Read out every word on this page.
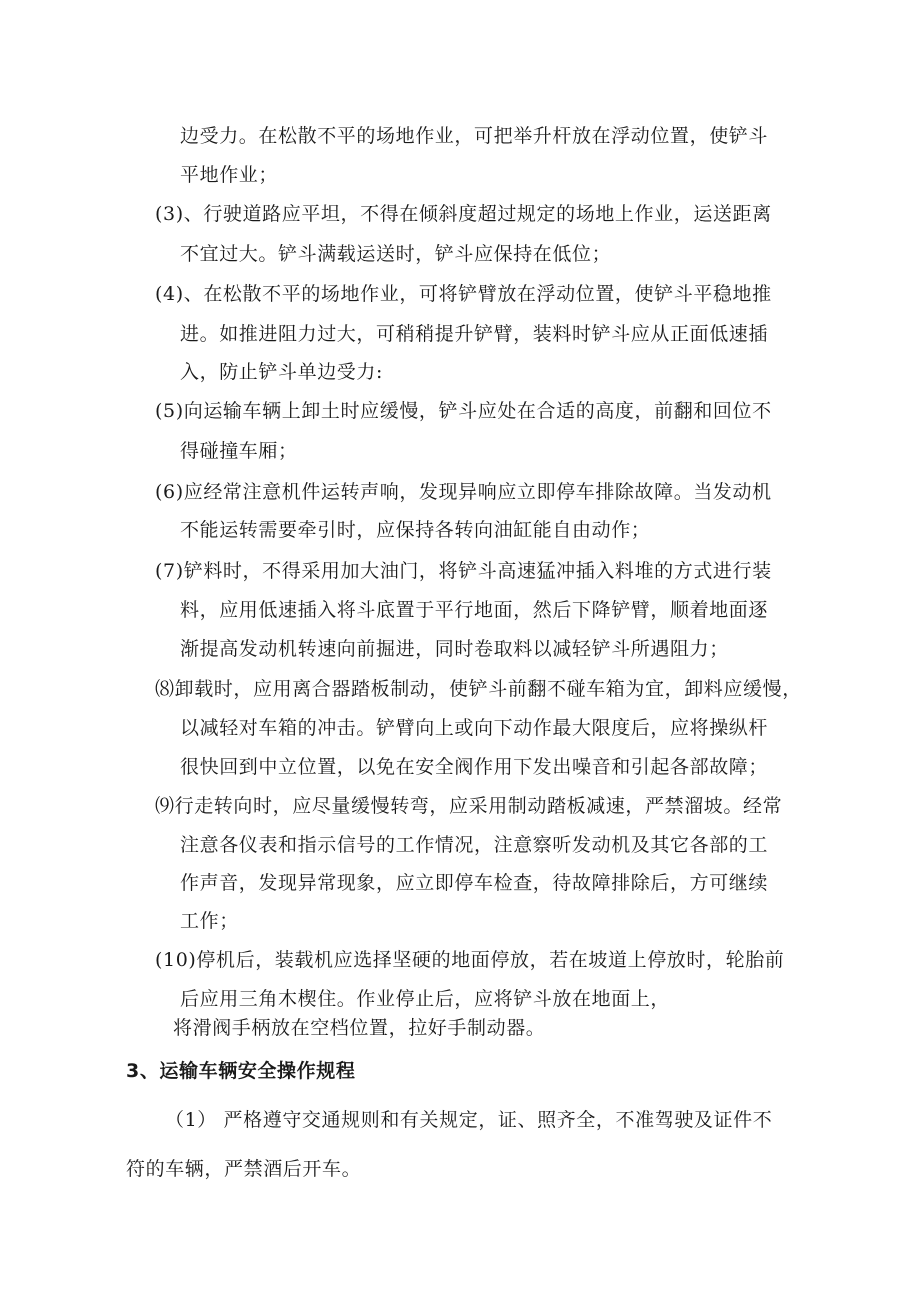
边受力。在松散不平的场地作业，可把举升杆放在浮动位置，使铲斗
平地作业；
(3)、行驶道路应平坦，不得在倾斜度超过规定的场地上作业，运送距离
不宜过大。铲斗满载运送时，铲斗应保持在低位；
(4)、在松散不平的场地作业，可将铲臂放在浮动位置，使铲斗平稳地推
进。如推进阻力过大，可稍稍提升铲臂，装料时铲斗应从正面低速插
入，防止铲斗单边受力:
(5)向运输车辆上卸土时应缓慢，铲斗应处在合适的高度，前翻和回位不
得碰撞车厢；
(6)应经常注意机件运转声响，发现异响应立即停车排除故障。当发动机
不能运转需要牵引时，应保持各转向油缸能自由动作；
(7)铲料时，不得采用加大油门，将铲斗高速猛冲插入料堆的方式进行装
料，应用低速插入将斗底置于平行地面，然后下降铲臂，顺着地面逐
渐提高发动机转速向前掘进，同时卷取料以减轻铲斗所遇阻力；
⑻卸载时，应用离合器踏板制动，使铲斗前翻不碰车箱为宜，卸料应缓慢，
以减轻对车箱的冲击。铲臂向上或向下动作最大限度后，应将操纵杆
很快回到中立位置，以免在安全阀作用下发出噪音和引起各部故障；
⑼行走转向时，应尽量缓慢转弯，应采用制动踏板减速，严禁溜坡。经常
注意各仪表和指示信号的工作情况，注意察听发动机及其它各部的工
作声音，发现异常现象，应立即停车检查，待故障排除后，方可继续
工作；
(10)停机后，装载机应选择坚硬的地面停放，若在坡道上停放时，轮胎前
后应用三角木楔住。作业停止后，应将铲斗放在地面上，
将滑阀手柄放在空档位置，拉好手制动器。
3、运输车辆安全操作规程
（1） 严格遵守交通规则和有关规定，证、照齐全，不准驾驶及证件不
符的车辆，严禁酒后开车。
